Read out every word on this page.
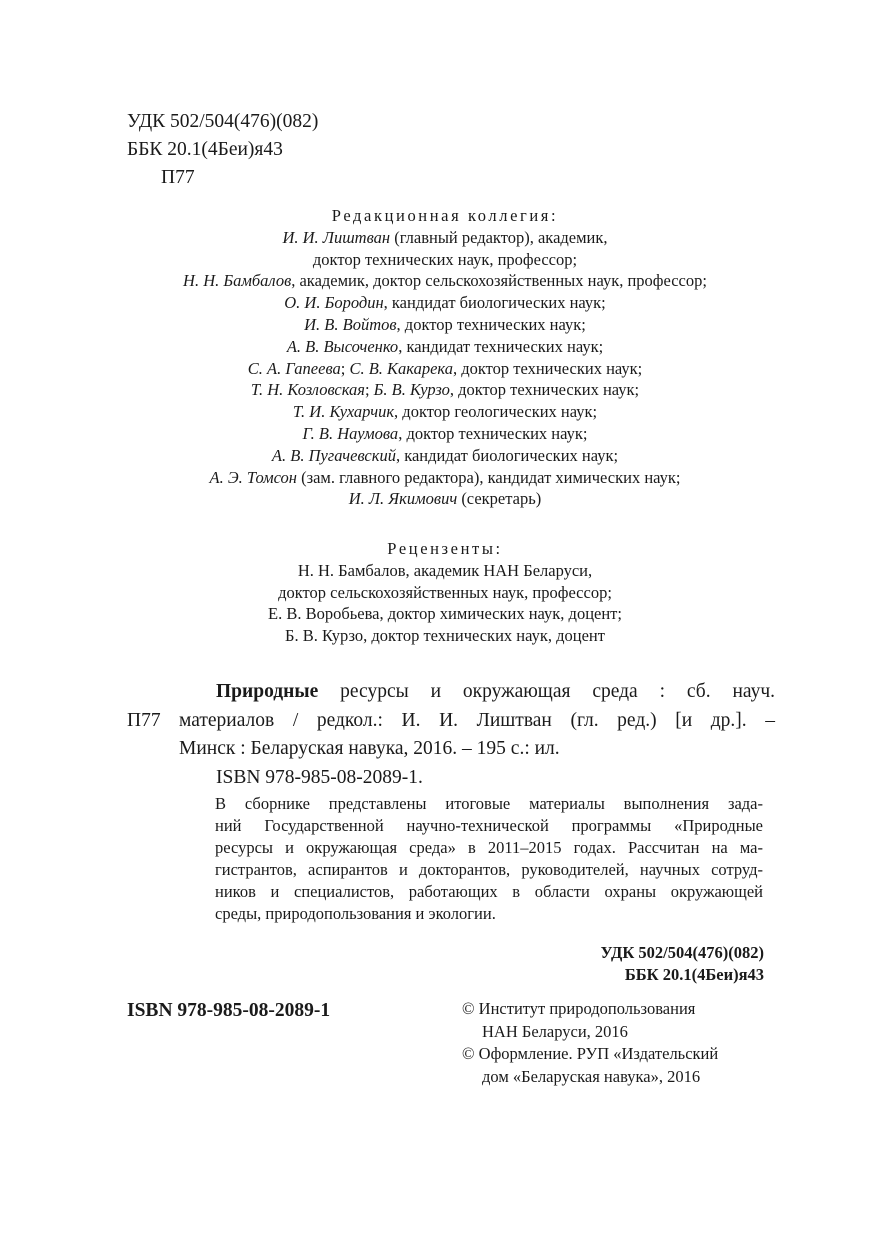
УДК 502/504(476)(082)
ББК 20.1(4Беи)я43
П77
Редакционная коллегия:
И. И. Лиштван (главный редактор), академик,
доктор технических наук, профессор;
Н. Н. Бамбалов, академик, доктор сельскохозяйственных наук, профессор;
О. И. Бородин, кандидат биологических наук;
И. В. Войтов, доктор технических наук;
А. В. Высоченко, кандидат технических наук;
С. А. Гапеева; С. В. Какарека, доктор технических наук;
Т. Н. Козловская; Б. В. Курзо, доктор технических наук;
Т. И. Кухарчик, доктор геологических наук;
Г. В. Наумова, доктор технических наук;
А. В. Пугачевский, кандидат биологических наук;
А. Э. Томсон (зам. главного редактора), кандидат химических наук;
И. Л. Якимович (секретарь)
Рецензенты:
Н. Н. Бамбалов, академик НАН Беларуси,
доктор сельскохозяйственных наук, профессор;
Е. В. Воробьева, доктор химических наук, доцент;
Б. В. Курзо, доктор технических наук, доцент
Природные ресурсы и окружающая среда : сб. науч.
П77 материалов / редкол.: И. И. Лиштван (гл. ред.) [и др.]. –
Минск : Беларуская навука, 2016. – 195 с.: ил.
ISBN 978-985-08-2089-1.
В сборнике представлены итоговые материалы выполнения зада-
ний Государственной научно-технической программы «Природные
ресурсы и окружающая среда» в 2011–2015 годах. Рассчитан на ма-
гистрантов, аспирантов и докторантов, руководителей, научных сотруд-
ников и специалистов, работающих в области охраны окружающей
среды, природопользования и экологии.
УДК 502/504(476)(082)
ББК 20.1(4Беи)я43
ISBN 978-985-08-2089-1	© Институт природопользования
НАН Беларуси, 2016
© Оформление. РУП «Издательский
дом «Беларуская навука», 2016
